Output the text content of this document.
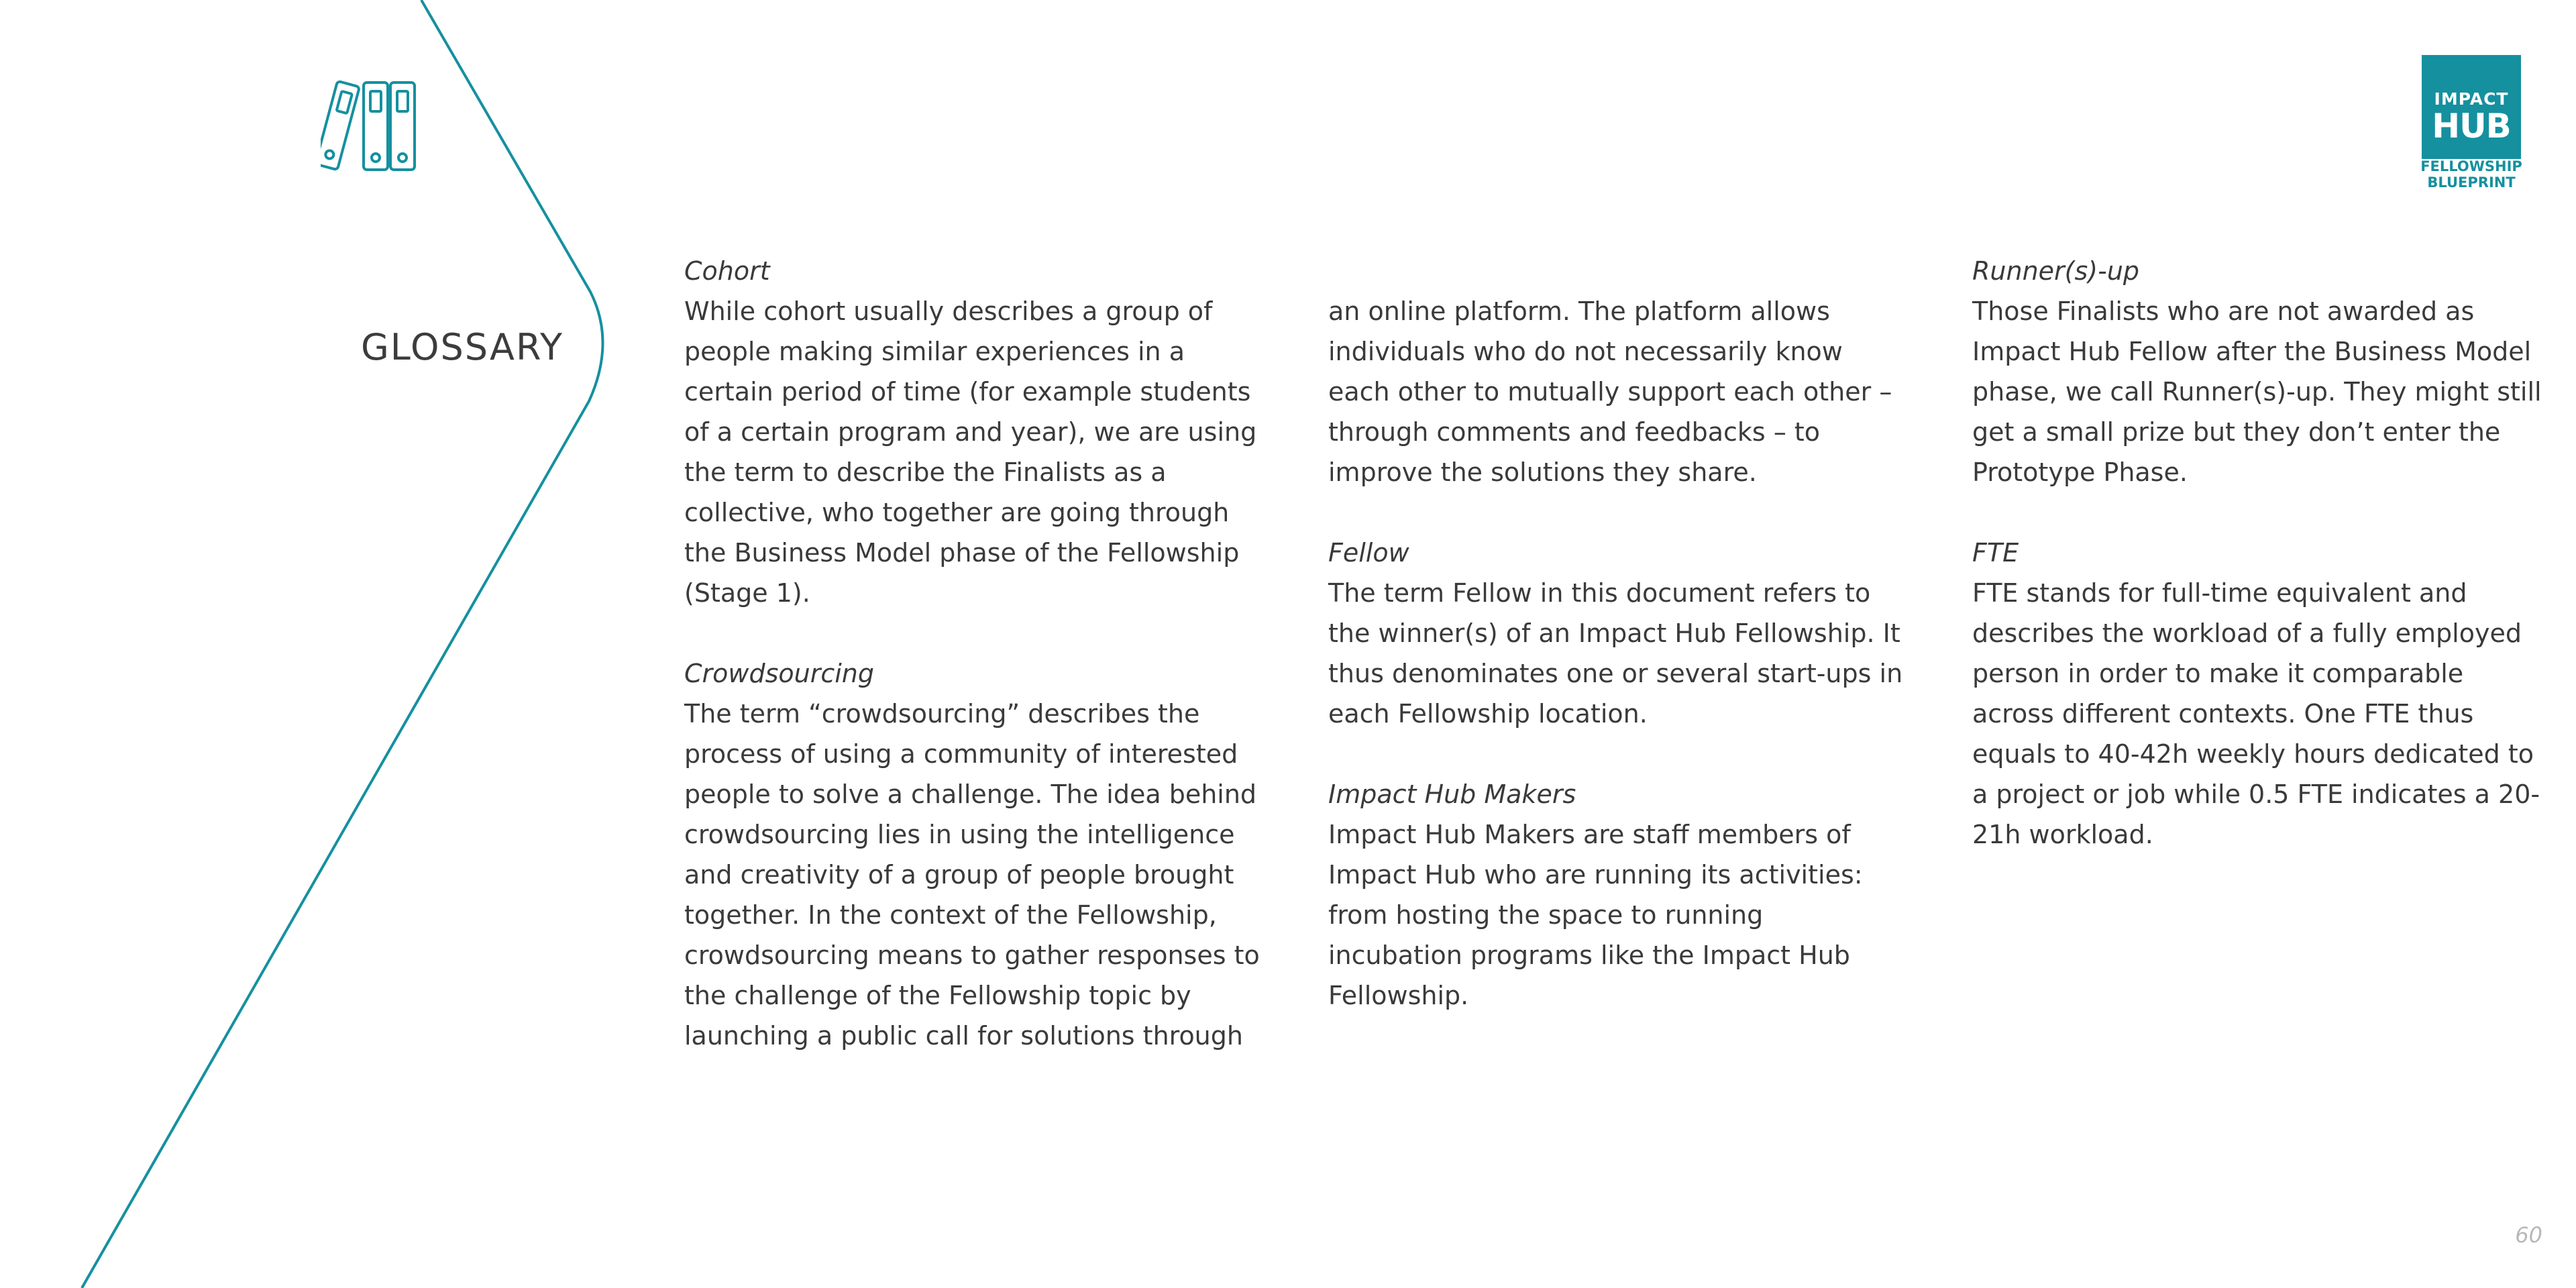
IMPACT
HUB
FELLOWSHIP
BLUEPRINT
GLOSSARY
Cohort
While cohort usually describes a group of people making similar experiences in a certain period of time (for example students of a certain program and year), we are using the term to describe the Finalists as a collective, who together are going through the Business Model phase of the Fellowship (Stage 1).
Crowdsourcing
The term “crowdsourcing” describes the process of using a community of interested people to solve a challenge. The idea behind crowdsourcing lies in using the intelligence and creativity of a group of people brought together. In the context of the Fellowship, crowdsourcing means to gather responses to the challenge of the Fellowship topic by launching a public call for solutions through
an online platform. The platform allows individuals who do not necessarily know each other to mutually support each other – through comments and feedbacks – to improve the solutions they share.
Fellow
The term Fellow in this document refers to the winner(s) of an Impact Hub Fellowship. It thus denominates one or several start-ups in each Fellowship location.
Impact Hub Makers
Impact Hub Makers are staff members of Impact Hub who are running its activities: from hosting the space to running incubation programs like the Impact Hub Fellowship.
Runner(s)-up
Those Finalists who are not awarded as Impact Hub Fellow after the Business Model phase, we call Runner(s)-up. They might still get a small prize but they don’t enter the Prototype Phase.
FTE
FTE stands for full-time equivalent and describes the workload of a fully employed person in order to make it comparable across different contexts. One FTE thus equals to 40-42h weekly hours dedicated to a project or job while 0.5 FTE indicates a 20-21h workload.
60
